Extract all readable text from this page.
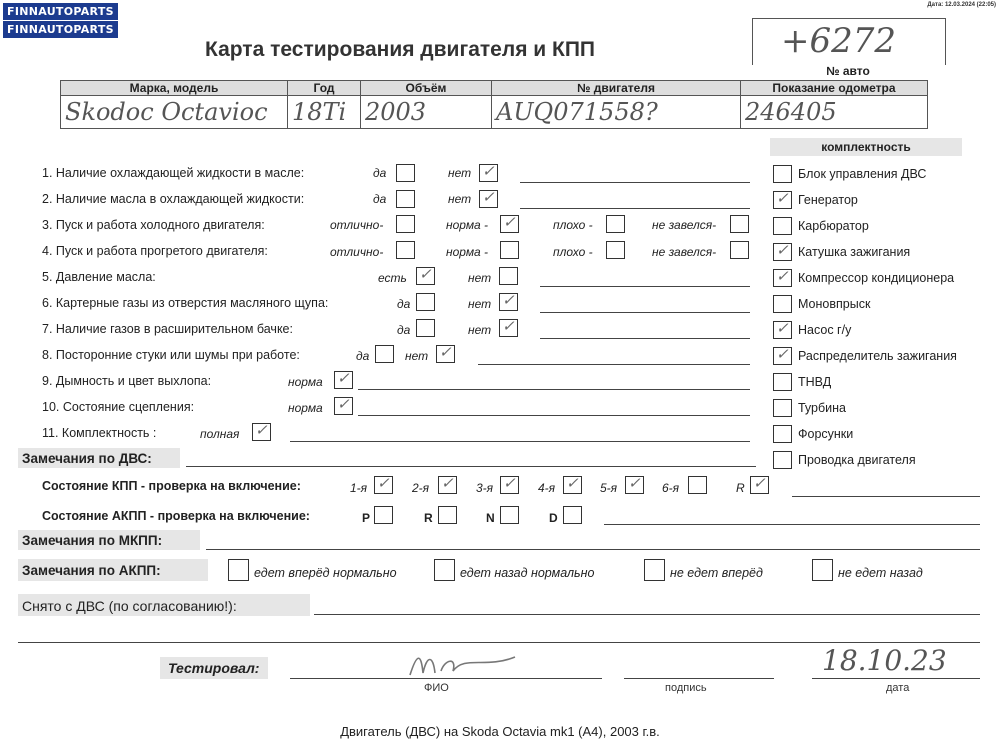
FINNAUTOPARTS
FINNAUTOPARTS
Дата: 12.03.2024 (22:05)
Карта тестирования двигателя и КПП	+6272
№ авто
Марка, модель	Год	Объём	№ двигателя	Показание одометра
Skodoc Octavioc	18Ti	2003	AUQ071558?	246405
комплектность
Блок управления ДВС
✓ Генератор
Карбюратор
✓ Катушка зажигания
✓ Компрессор кондиционера
Моновпрыск
✓ Насос г/у
✓ Распределитель зажигания
ТНВД
Турбина
Форсунки
Проводка двигателя
1. Наличие охлаждающей жидкости в масле:	да	нет ✓
2. Наличие масла в охлаждающей жидкости:	да	нет ✓
3. Пуск и работа холодного двигателя:	отлично-	норма - ✓	плохо -	не завелся-
4. Пуск и работа прогретого двигателя:	отлично-	норма -	плохо -	не завелся-
5. Давление масла:	есть ✓	нет
6. Картерные газы из отверстия масляного щупа:	да	нет ✓
7. Наличие газов в расширительном бачке:	да	нет ✓
8. Посторонние стуки или шумы при работе:	да	нет ✓
9. Дымность и цвет выхлопа:	норма ✓
10. Состояние сцепления:	норма ✓
11. Комплектность :	полная ✓
Замечания по ДВС:
Состояние КПП - проверка на включение:	1-я ✓ 2-я ✓ 3-я ✓ 4-я ✓ 5-я ✓ 6-я	R ✓
Состояние АКПП - проверка на включение:	P	R	N	D
Замечания по МКПП:
Замечания по АКПП:	едет вперёд нормально	едет назад нормально	не едет вперёд	не едет назад
Снято с ДВС (по согласованию!):
Тестировал:	18.10.23
ФИО	подпись	дата
Двигатель (ДВС) на Skoda Octavia mk1 (A4), 2003 г.в.
